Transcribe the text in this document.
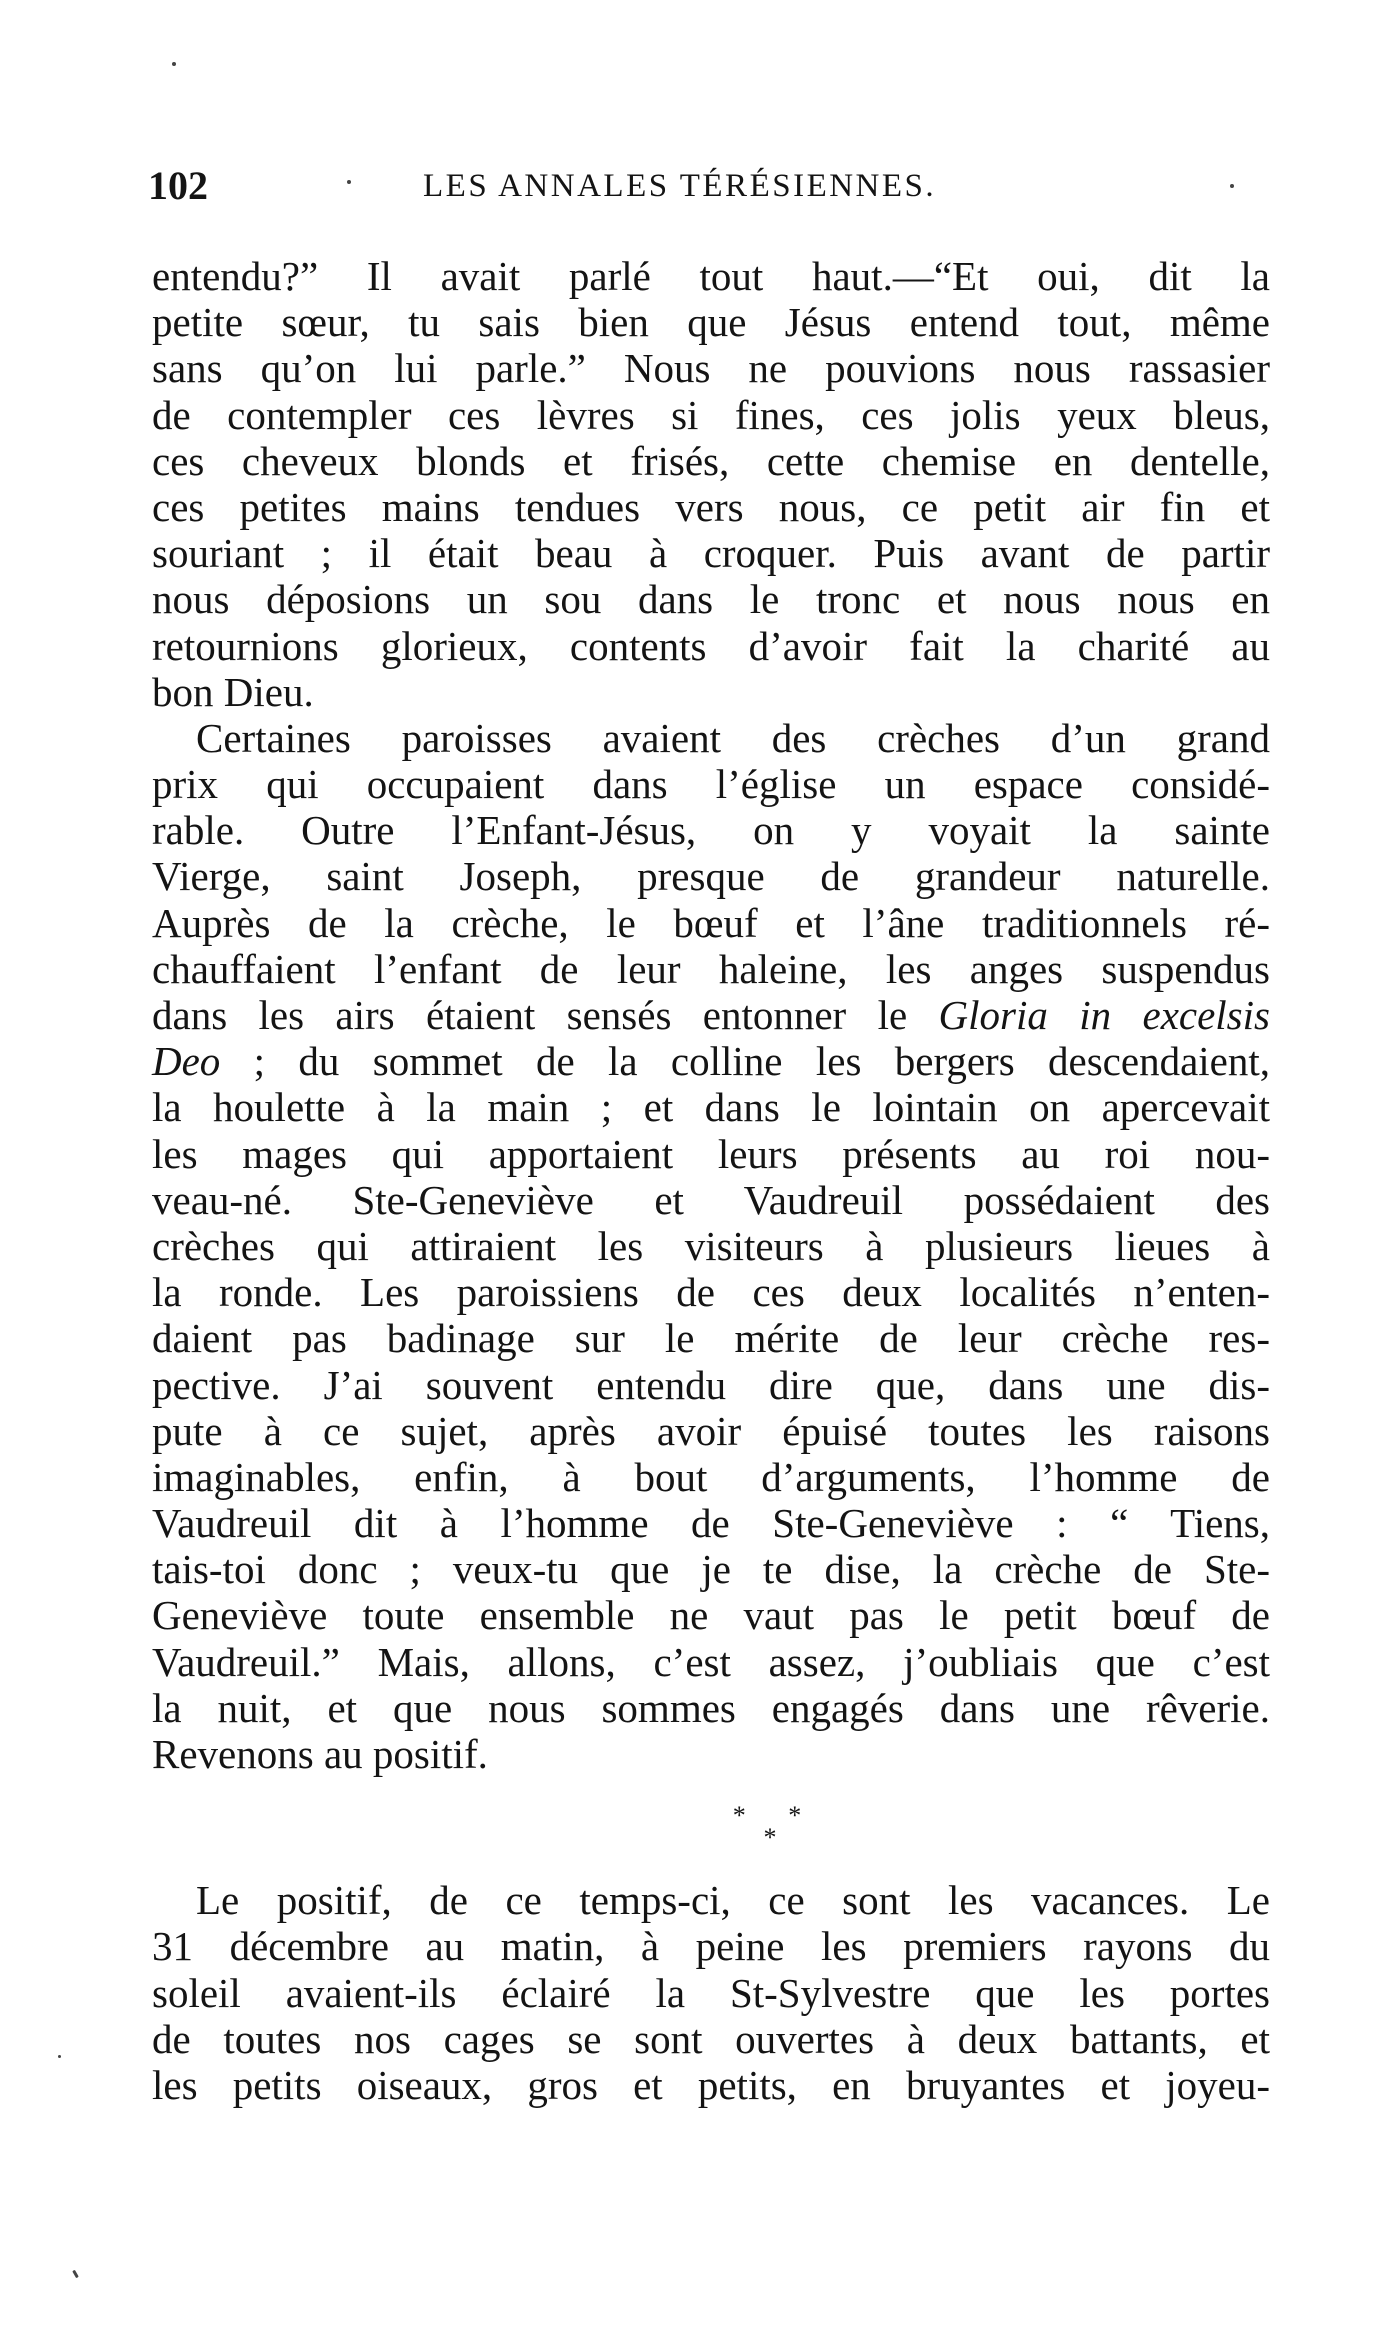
102	LES ANNALES TÉRÉSIENNES.
entendu?” Il avait parlé tout haut.—“Et oui, dit la
petite sœur, tu sais bien que Jésus entend tout, même
sans qu’on lui parle.” Nous ne pouvions nous rassasier
de contempler ces lèvres si fines, ces jolis yeux bleus,
ces cheveux blonds et frisés, cette chemise en dentelle,
ces petites mains tendues vers nous, ce petit air fin et
souriant ; il était beau à croquer. Puis avant de partir
nous déposions un sou dans le tronc et nous nous en
retournions glorieux, contents d’avoir fait la charité au
bon Dieu.
Certaines paroisses avaient des crèches d’un grand
prix qui occupaient dans l’église un espace considé-
rable. Outre l’Enfant-Jésus, on y voyait la sainte
Vierge, saint Joseph, presque de grandeur naturelle.
Auprès de la crèche, le bœuf et l’âne traditionnels ré-
chauffaient l’enfant de leur haleine, les anges suspendus
dans les airs étaient sensés entonner le Gloria in excelsis
Deo ; du sommet de la colline les bergers descendaient,
la houlette à la main ; et dans le lointain on apercevait
les mages qui apportaient leurs présents au roi nou-
veau-né. Ste-Geneviève et Vaudreuil possédaient des
crèches qui attiraient les visiteurs à plusieurs lieues à
la ronde. Les paroissiens de ces deux localités n’enten-
daient pas badinage sur le mérite de leur crèche res-
pective. J’ai souvent entendu dire que, dans une dis-
pute à ce sujet, après avoir épuisé toutes les raisons
imaginables, enfin, à bout d’arguments, l’homme de
Vaudreuil dit à l’homme de Ste-Geneviève : “ Tiens,
tais-toi donc ; veux-tu que je te dise, la crèche de Ste-
Geneviève toute ensemble ne vaut pas le petit bœuf de
Vaudreuil.” Mais, allons, c’est assez, j’oubliais que c’est
la nuit, et que nous sommes engagés dans une rêverie.
Revenons au positif.
* *
*
Le positif, de ce temps-ci, ce sont les vacances. Le
31 décembre au matin, à peine les premiers rayons du
soleil avaient-ils éclairé la St-Sylvestre que les portes
de toutes nos cages se sont ouvertes à deux battants, et
les petits oiseaux, gros et petits, en bruyantes et joyeu-
